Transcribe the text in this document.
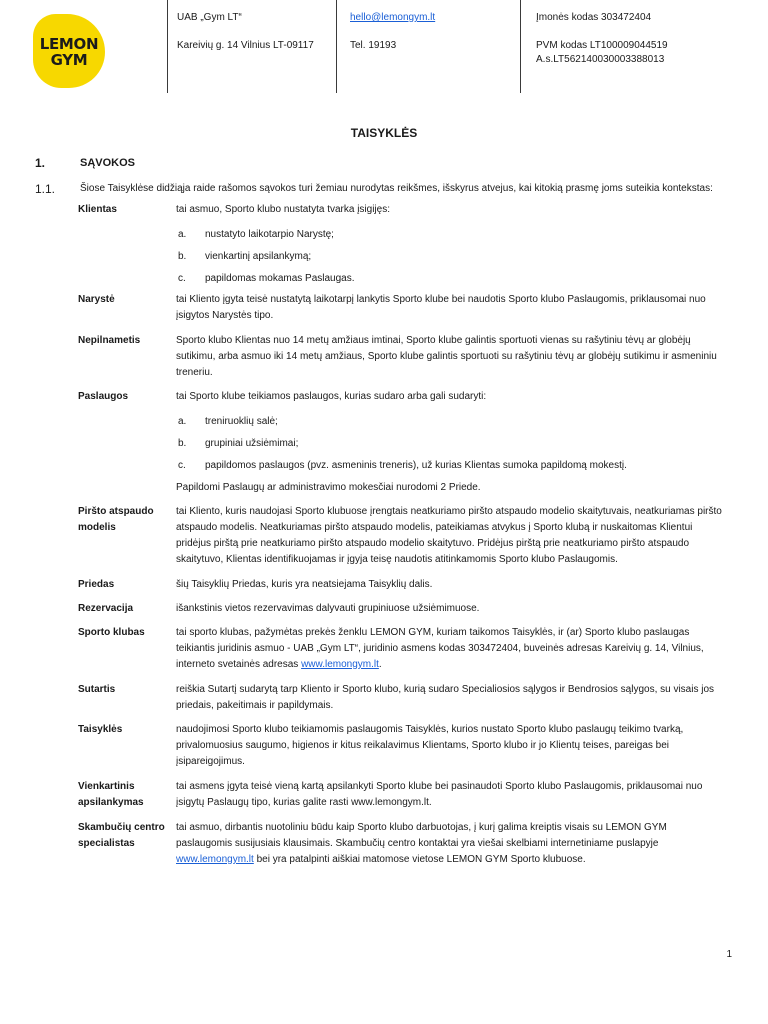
LEMON
GYM
UAB „Gym LT“
Kareivių g. 14 Vilnius LT-09117
hello@lemongym.lt
Tel. 19193
Įmonės kodas 303472404
PVM kodas LT100009044519
A.s.LT562140030003388013
TAISYKLĖS
1.	SĄVOKOS
1.1. Šiose Taisyklėse didžiąja raide rašomos sąvokos turi žemiau nurodytas reikšmes, išskyrus atvejus, kai kitokią prasmę joms suteikia kontekstas:
Klientas	tai asmuo, Sporto klubo nustatyta tvarka įsigijęs:
a. nustatyto laikotarpio Narystę;
b. vienkartinį apsilankymą;
c. papildomas mokamas Paslaugas.
Narystė	tai Kliento įgyta teisė nustatytą laikotarpį lankytis Sporto klube bei naudotis Sporto klubo Paslaugomis, priklausomai nuo įsigytos Narystės tipo.
Nepilnametis	Sporto klubo Klientas nuo 14 metų amžiaus imtinai, Sporto klube galintis sportuoti vienas su rašytiniu tėvų ar globėjų sutikimu, arba asmuo iki 14 metų amžiaus, Sporto klube galintis sportuoti su rašytiniu tėvų ar globėjų sutikimu ir asmeniniu treneriu.
Paslaugos	tai Sporto klube teikiamos paslaugos, kurias sudaro arba gali sudaryti:
a. treniruoklių salė;
b. grupiniai užsiėmimai;
c. papildomos paslaugos (pvz. asmeninis treneris), už kurias Klientas sumoka papildomą mokestį.
Papildomi Paslaugų ar administravimo mokesčiai nurodomi 2 Priede.
Piršto atspaudo modelis
tai Kliento, kuris naudojasi Sporto klubuose įrengtais neatkuriamo piršto atspaudo modelio skaitytuvais, neatkuriamas piršto atspaudo modelis. Neatkuriamas piršto atspaudo modelis, pateikiamas atvykus į Sporto klubą ir nuskaitomas Klientui pridėjus pirštą prie neatkuriamo piršto atspaudo modelio skaitytuvo. Pridėjus pirštą prie neatkuriamo piršto atspaudo skaitytuvo, Klientas identifikuojamas ir įgyja teisę naudotis atitinkamomis Sporto klubo Paslaugomis.
Priedas	šių Taisyklių Priedas, kuris yra neatsiejama Taisyklių dalis.
Rezervacija	išankstinis vietos rezervavimas dalyvauti grupiniuose užsiėmimuose.
Sporto klubas	tai sporto klubas, pažymėtas prekės ženklu LEMON GYM, kuriam taikomos Taisyklės, ir (ar) Sporto klubo paslaugas teikiantis juridinis asmuo - UAB „Gym LT“, juridinio asmens kodas 303472404, buveinės adresas Kareivių g. 14, Vilnius, interneto svetainės adresas www.lemongym.lt.
Sutartis	reiškia Sutartį sudarytą tarp Kliento ir Sporto klubo, kurią sudaro Specialiosios sąlygos ir Bendrosios sąlygos, su visais jos priedais, pakeitimais ir papildymais.
Taisyklės	naudojimosi Sporto klubo teikiamomis paslaugomis Taisyklės, kurios nustato Sporto klubo paslaugų teikimo tvarką, privalomuosius saugumo, higienos ir kitus reikalavimus Klientams, Sporto klubo ir jo Klientų teises, pareigas bei įsipareigojimus.
Vienkartinis apsilankymas
tai asmens įgyta teisė vieną kartą apsilankyti Sporto klube bei pasinaudoti Sporto klubo Paslaugomis, priklausomai nuo įsigytų Paslaugų tipo, kurias galite rasti www.lemongym.lt.
Skambučių centro specialistas
tai asmuo, dirbantis nuotoliniu būdu kaip Sporto klubo darbuotojas, į kurį galima kreiptis visais su LEMON GYM paslaugomis susijusiais klausimais. Skambučių centro kontaktai yra viešai skelbiami internetiniame puslapyje www.lemongym.lt bei yra patalpinti aiškiai matomose vietose LEMON GYM Sporto klubuose.
1
